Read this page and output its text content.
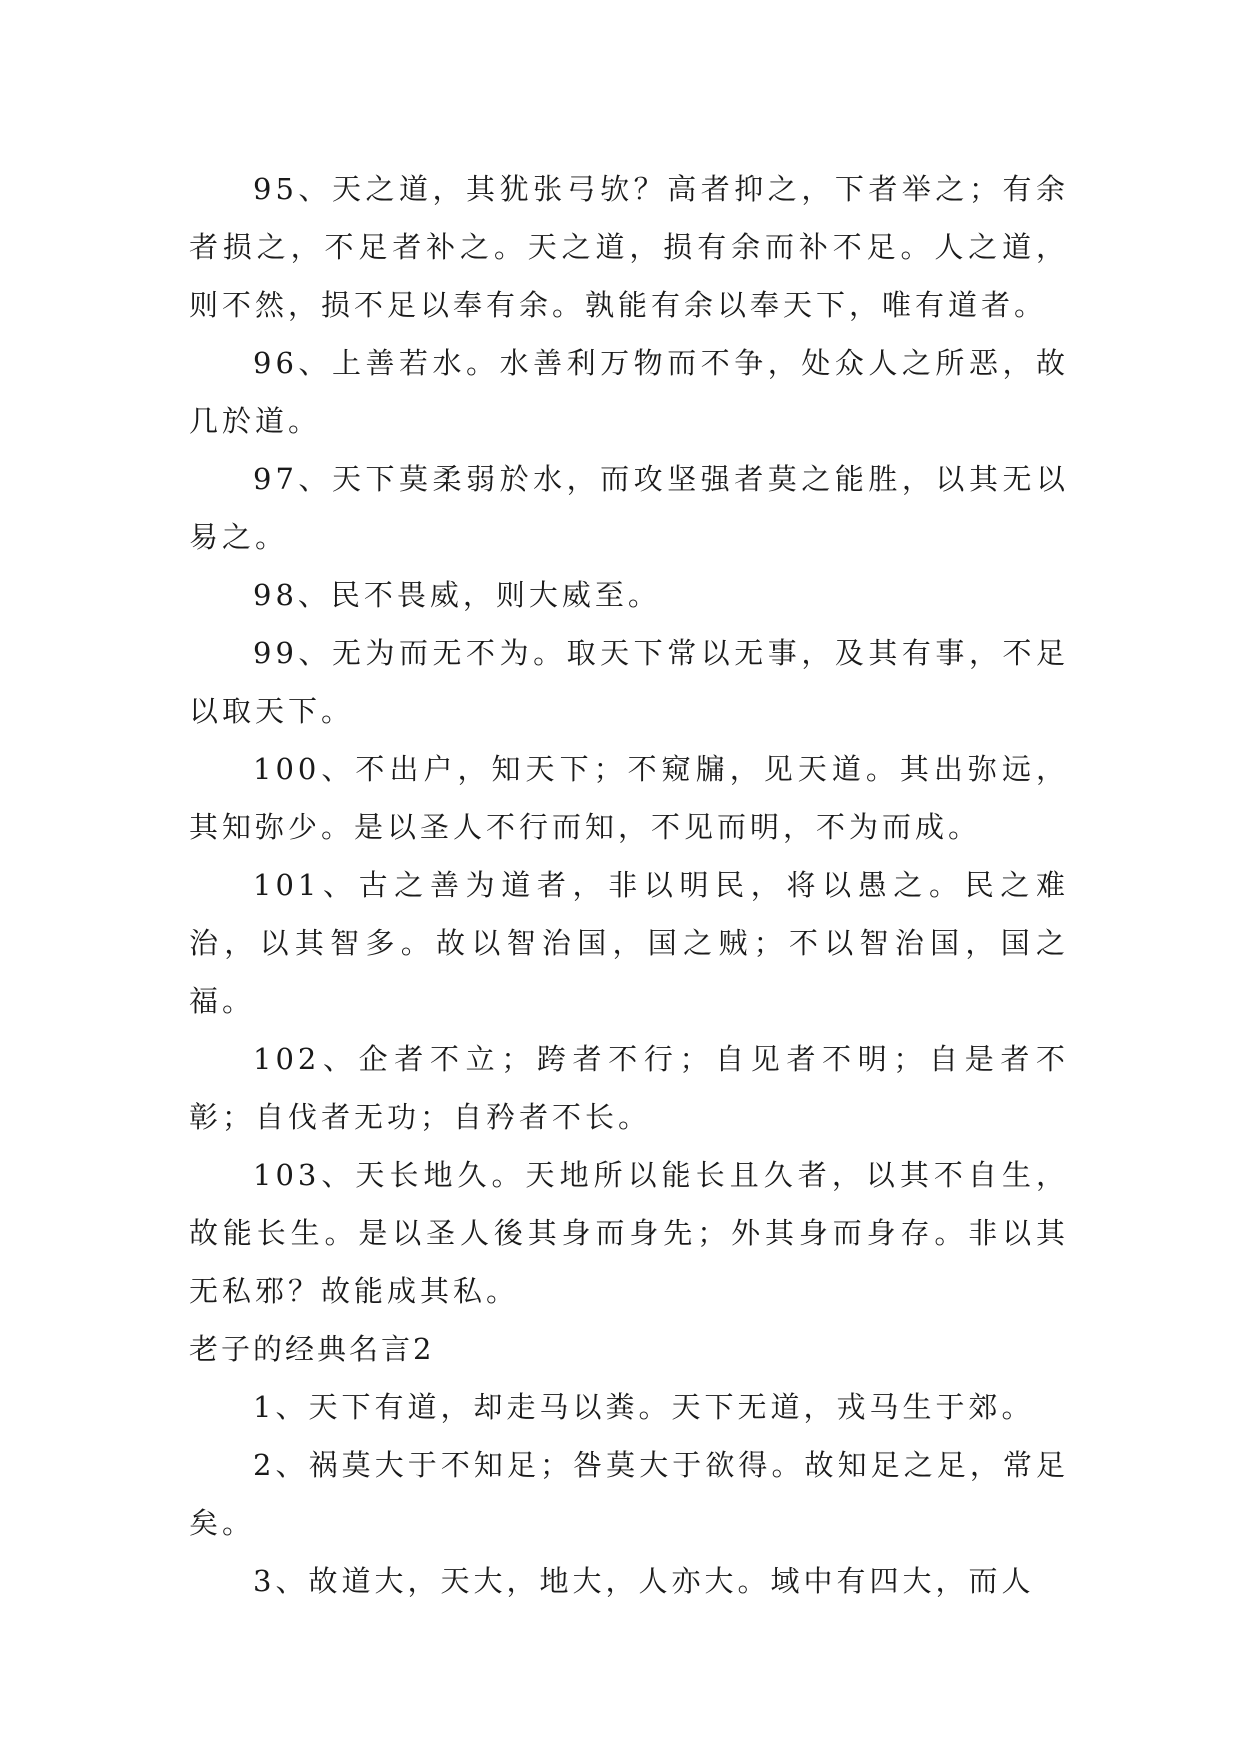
95、天之道，其犹张弓欤？高者抑之，下者举之；有余者损之，不足者补之。天之道，损有余而补不足。人之道，则不然，损不足以奉有余。孰能有余以奉天下，唯有道者。

96、上善若水。水善利万物而不争，处众人之所恶，故几於道。

97、天下莫柔弱於水，而攻坚强者莫之能胜，以其无以易之。

98、民不畏威，则大威至。

99、无为而无不为。取天下常以无事，及其有事，不足以取天下。

100、不出户，知天下；不窥牖，见天道。其出弥远，其知弥少。是以圣人不行而知，不见而明，不为而成。

101、古之善为道者，非以明民，将以愚之。民之难治，以其智多。故以智治国，国之贼；不以智治国，国之福。

102、企者不立；跨者不行；自见者不明；自是者不彰；自伐者无功；自矜者不长。

103、天长地久。天地所以能长且久者，以其不自生，故能长生。是以圣人後其身而身先；外其身而身存。非以其无私邪？故能成其私。

老子的经典名言2

1、天下有道，却走马以粪。天下无道，戎马生于郊。

2、祸莫大于不知足；咎莫大于欲得。故知足之足，常足矣。

3、故道大，天大，地大，人亦大。域中有四大，而人
